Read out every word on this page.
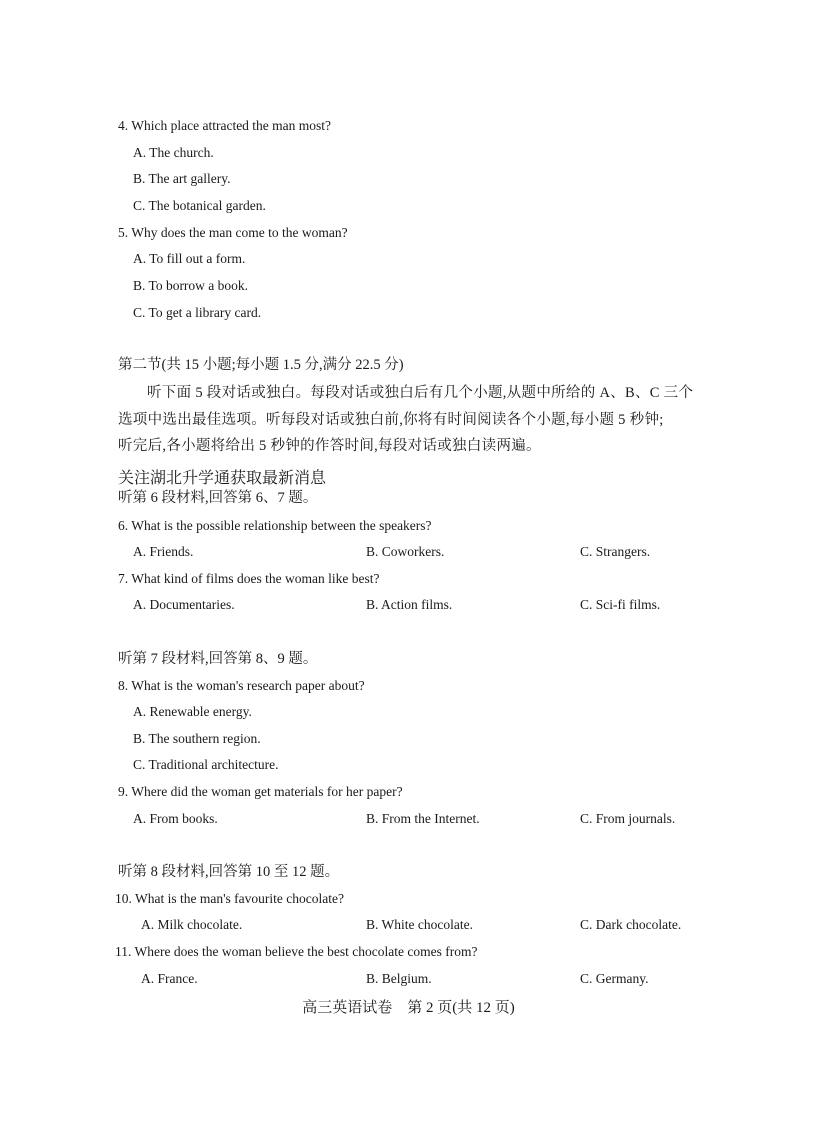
4. Which place attracted the man most?
A. The church.
B. The art gallery.
C. The botanical garden.
5. Why does the man come to the woman?
A. To fill out a form.
B. To borrow a book.
C. To get a library card.
第二节(共 15 小题;每小题 1.5 分,满分 22.5 分)
听下面 5 段对话或独白。每段对话或独白后有几个小题,从题中所给的 A、B、C 三个
选项中选出最佳选项。听每段对话或独白前,你将有时间阅读各个小题,每小题 5 秒钟;
听完后,各小题将给出 5 秒钟的作答时间,每段对话或独白读两遍。
关注湖北升学通获取最新消息
听第 6 段材料,回答第 6、7 题。
6. What is the possible relationship between the speakers?
A. Friends.	B. Coworkers.	C. Strangers.
7. What kind of films does the woman like best?
A. Documentaries.	B. Action films.	C. Sci-fi films.
听第 7 段材料,回答第 8、9 题。
8. What is the woman's research paper about?
A. Renewable energy.
B. The southern region.
C. Traditional architecture.
9. Where did the woman get materials for her paper?
A. From books.	B. From the Internet.	C. From journals.
听第 8 段材料,回答第 10 至 12 题。
10. What is the man's favourite chocolate?
A. Milk chocolate.	B. White chocolate.	C. Dark chocolate.
11. Where does the woman believe the best chocolate comes from?
A. France.	B. Belgium.	C. Germany.
高三英语试卷　第 2 页(共 12 页)
